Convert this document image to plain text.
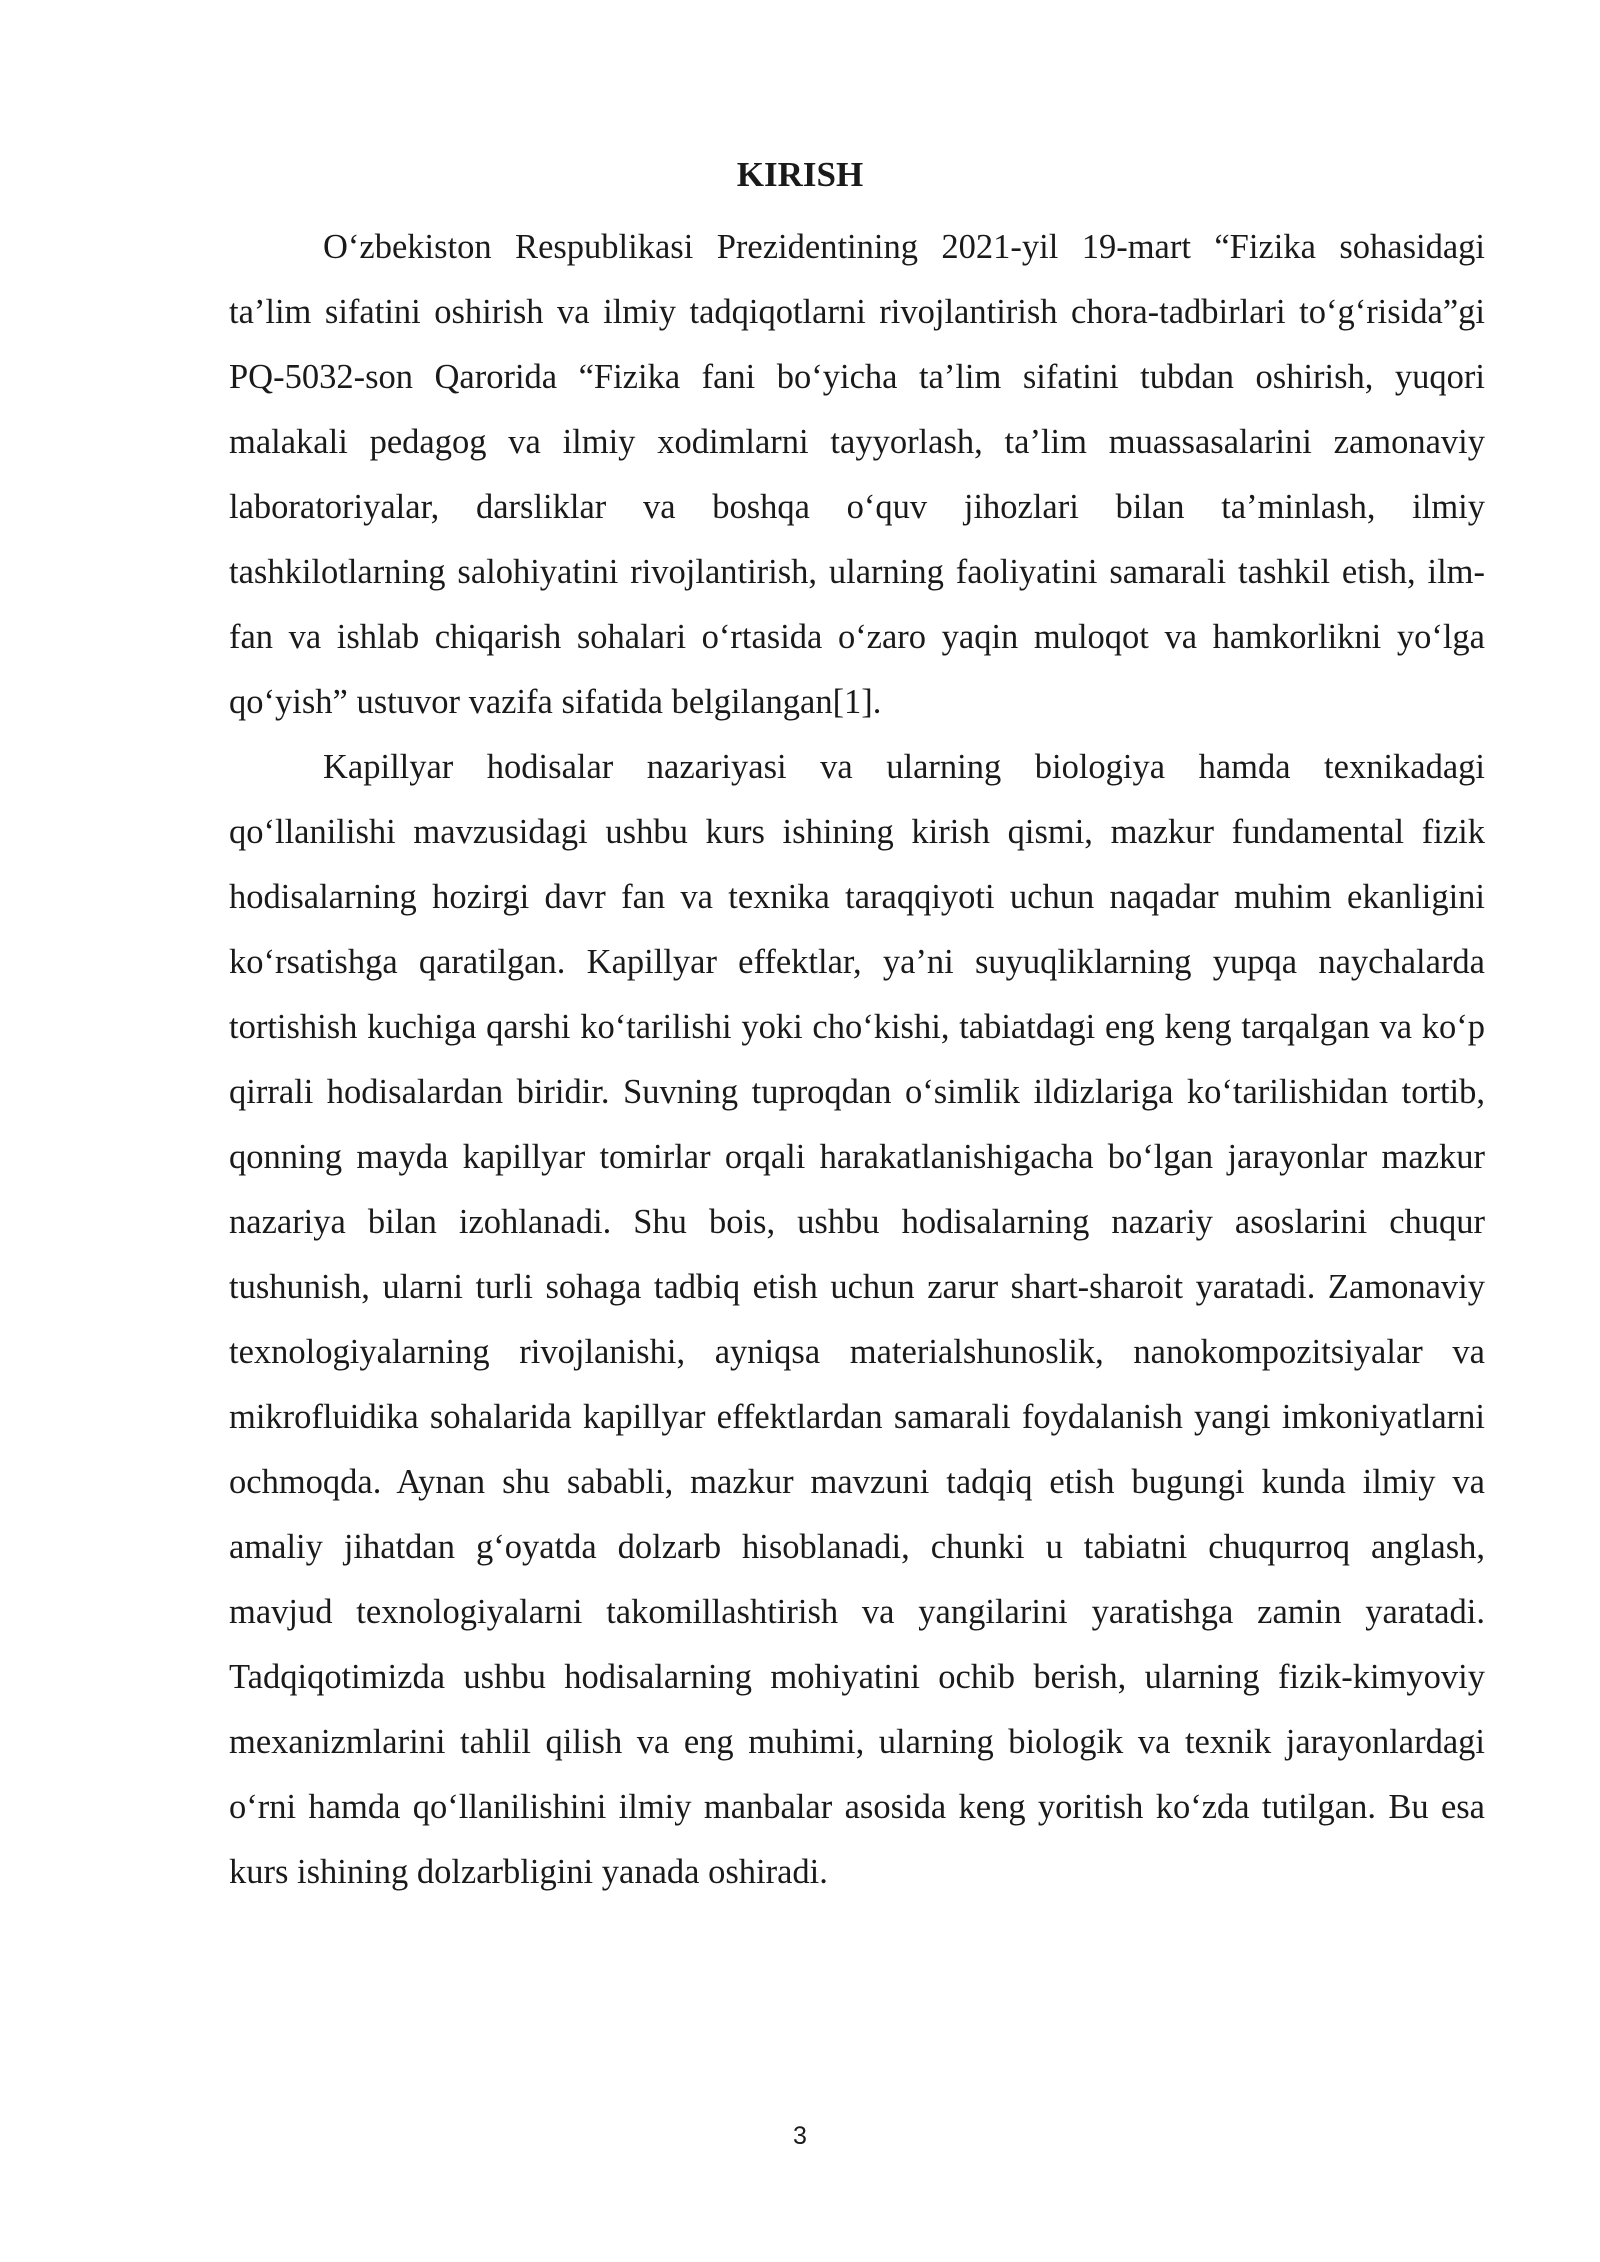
KIRISH

O‘zbekiston Respublikasi Prezidentining 2021-yil 19-mart “Fizika sohasidagi ta’lim sifatini oshirish va ilmiy tadqiqotlarni rivojlantirish chora-tadbirlari to‘g‘risida”gi PQ-5032-son Qarorida “Fizika fani bo‘yicha ta’lim sifatini tubdan oshirish, yuqori malakali pedagog va ilmiy xodimlarni tayyorlash, ta’lim muassasalarini zamonaviy laboratoriyalar, darsliklar va boshqa o‘quv jihozlari bilan ta’minlash, ilmiy tashkilotlarning salohiyatini rivojlantirish, ularning faoliyatini samarali tashkil etish, ilm-fan va ishlab chiqarish sohalari o‘rtasida o‘zaro yaqin muloqot va hamkorlikni yo‘lga qo‘yish” ustuvor vazifa sifatida belgilangan[1].

Kapillyar hodisalar nazariyasi va ularning biologiya hamda texnikadagi qo‘llanilishi mavzusidagi ushbu kurs ishining kirish qismi, mazkur fundamental fizik hodisalarning hozirgi davr fan va texnika taraqqiyoti uchun naqadar muhim ekanligini ko‘rsatishga qaratilgan. Kapillyar effektlar, ya’ni suyuqliklarning yupqa naychalarda tortishish kuchiga qarshi ko‘tarilishi yoki cho‘kishi, tabiatdagi eng keng tarqalgan va ko‘p qirrali hodisalardan biridir. Suvning tuproqdan o‘simlik ildizlariga ko‘tarilishidan tortib, qonning mayda kapillyar tomirlar orqali harakatlanishigacha bo‘lgan jarayonlar mazkur nazariya bilan izohlanadi. Shu bois, ushbu hodisalarning nazariy asoslarini chuqur tushunish, ularni turli sohaga tadbiq etish uchun zarur shart-sharoit yaratadi. Zamonaviy texnologiyalarning rivojlanishi, ayniqsa materialshunoslik, nanokompozitsiyalar va mikrofluidika sohalarida kapillyar effektlardan samarali foydalanish yangi imkoniyatlarni ochmoqda. Aynan shu sababli, mazkur mavzuni tadqiq etish bugungi kunda ilmiy va amaliy jihatdan g‘oyatda dolzarb hisoblanadi, chunki u tabiatni chuqurroq anglash, mavjud texnologiyalarni takomillashtirish va yangilarini yaratishga zamin yaratadi. Tadqiqotimizda ushbu hodisalarning mohiyatini ochib berish, ularning fizik-kimyoviy mexanizmlarini tahlil qilish va eng muhimi, ularning biologik va texnik jarayonlardagi o‘rni hamda qo‘llanilishini ilmiy manbalar asosida keng yoritish ko‘zda tutilgan. Bu esa kurs ishining dolzarbligini yanada oshiradi.

3
